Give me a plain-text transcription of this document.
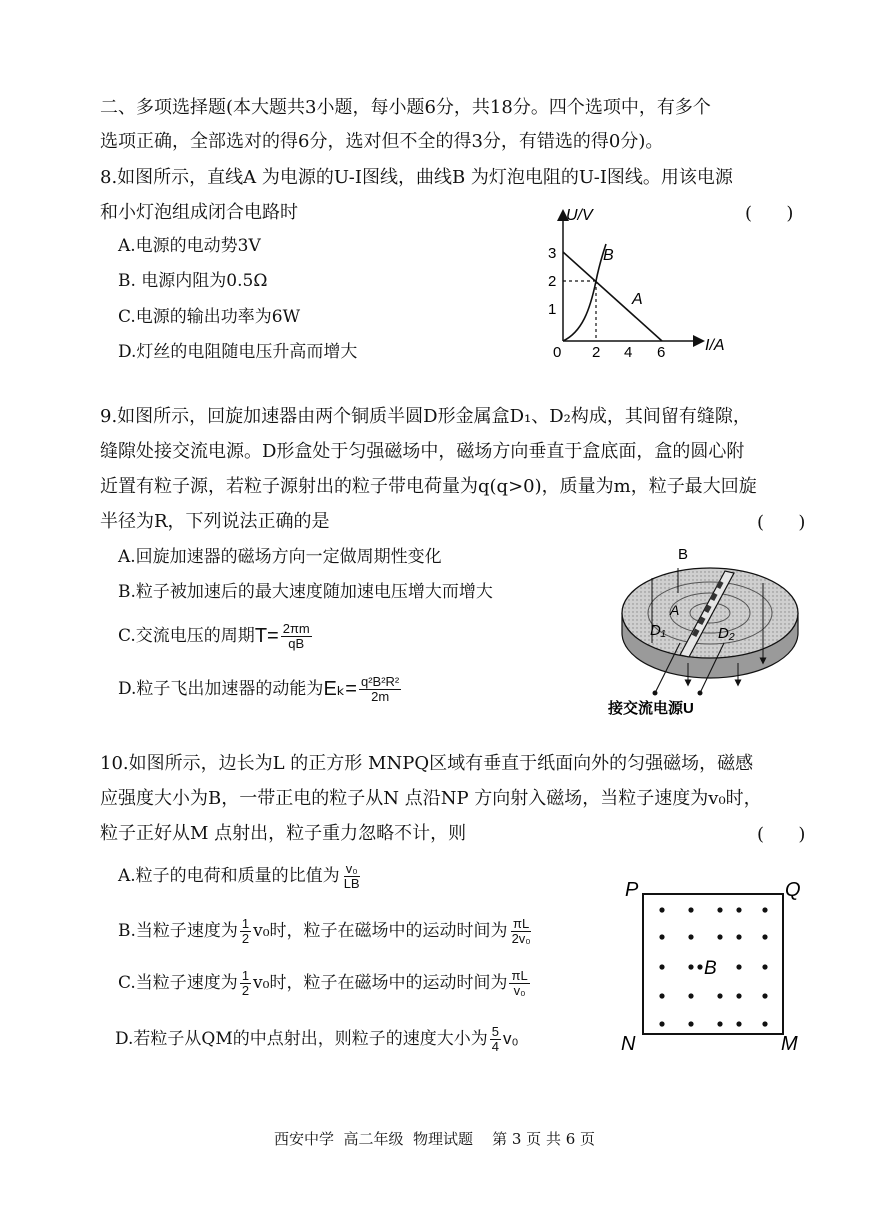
二、多项选择题(本大题共3小题，每小题6分，共18分。四个选项中，有多个
选项正确，全部选对的得6分，选对但不全的得3分，有错选的得0分)。
8.如图所示，直线A 为电源的U-I图线，曲线B 为灯泡电阻的U-I图线。用该电源
和小灯泡组成闭合电路时	(      )
A.电源的电动势3V
B. 电源内阻为0.5Ω
C.电源的输出功率为6W
D.灯丝的电阻随电压升高而增大
U/V
I/A
3
2
1
0 2 4 6
B
A
9.如图所示，回旋加速器由两个铜质半圆D形金属盒D₁、D₂构成，其间留有缝隙，
缝隙处接交流电源。D形盒处于匀强磁场中，磁场方向垂直于盒底面，盒的圆心附
近置有粒子源，若粒子源射出的粒子带电荷量为q(q>0)，质量为m，粒子最大回旋
半径为R，下列说法正确的是	(      )
A.回旋加速器的磁场方向一定做周期性变化
B.粒子被加速后的最大速度随加速电压增大而增大
C.交流电压的周期 $T= \frac{2\pi m}{qB}$
D.粒子飞出加速器的动能为 $E_k= \frac{\text{q²B²R²}}{2m}$
B
A
D₁	D₂
接交流电源U
10.如图所示，边长为L 的正方形 MNPQ区域有垂直于纸面向外的匀强磁场，磁感
应强度大小为B，一带正电的粒子从N 点沿NP 方向射入磁场，当粒子速度为v₀时，
粒子正好从M 点射出，粒子重力忽略不计，则	(      )
A.粒子的电荷和质量的比值为 $\frac{\text{v₀}}{LB}$
B.当粒子速度为 $\frac{1}{2} v_0$时，粒子在磁场中的运动时间为 $\frac{\pi L}{\text{2v₀}}$
C.当粒子速度为 $\frac{1}{2} v_0$时，粒子在磁场中的运动时间为 $\frac{\pi L}{\text{v₀}}$
D.若粒子从QM的中点射出，则粒子的速度大小为 $\frac{5}{4} v_0$
P	Q
N	M
B
西安中学  高二年级  物理试题    第 3 页 共 6 页
